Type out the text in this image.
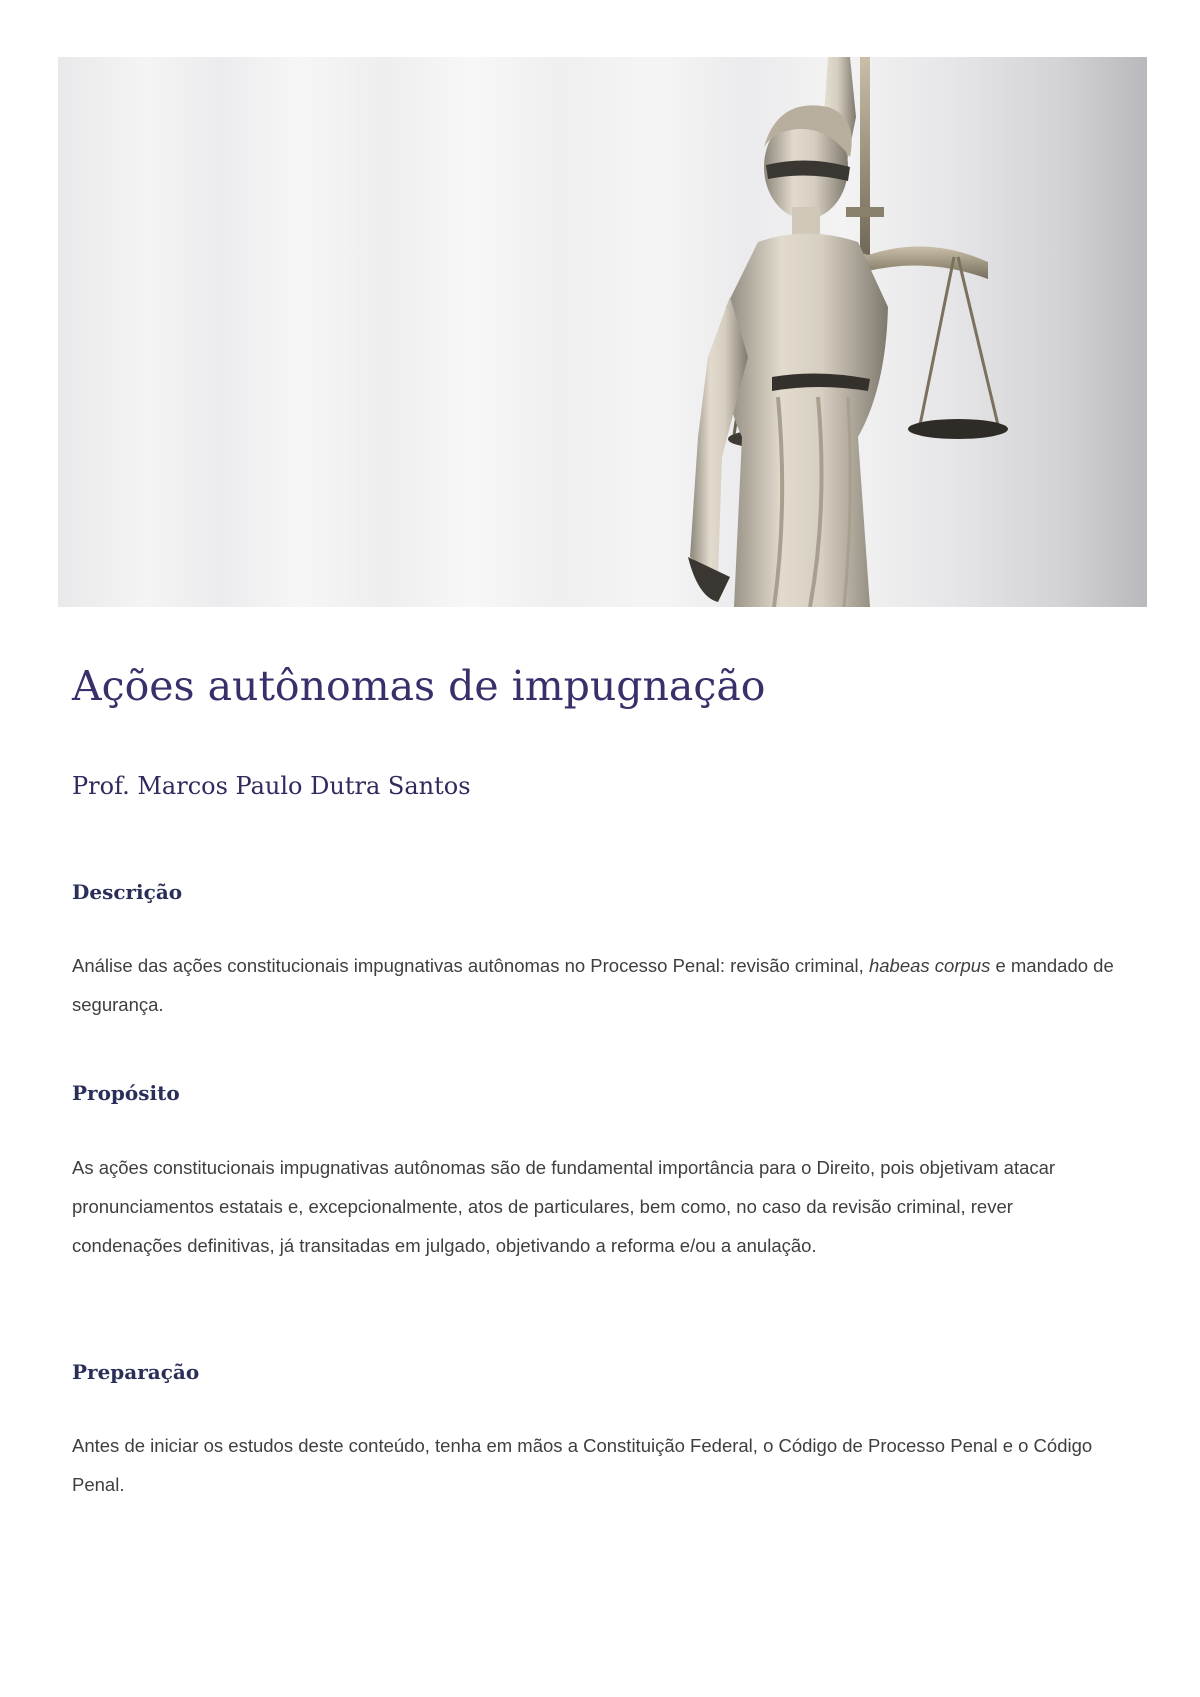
Ações autônomas de impugnação
Prof. Marcos Paulo Dutra Santos
Descrição

Análise das ações constitucionais impugnativas autônomas no Processo Penal: revisão criminal, habeas corpus e mandado de segurança.

Propósito

As ações constitucionais impugnativas autônomas são de fundamental importância para o Direito, pois objetivam atacar pronunciamentos estatais e, excepcionalmente, atos de particulares, bem como, no caso da revisão criminal, rever condenações definitivas, já transitadas em julgado, objetivando a reforma e/ou a anulação.

Preparação

Antes de iniciar os estudos deste conteúdo, tenha em mãos a Constituição Federal, o Código de Processo Penal e o Código Penal.
